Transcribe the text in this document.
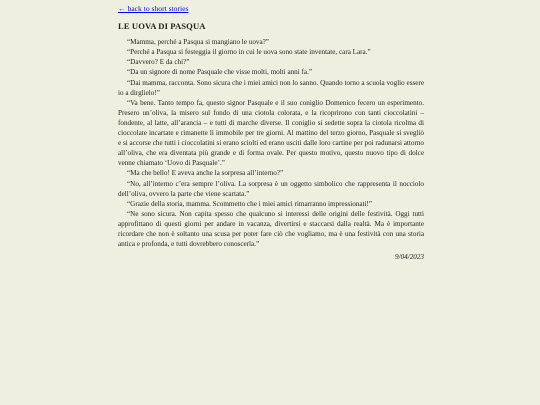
← back to short stories
LE UOVA DI PASQUA

“Mamma, perché a Pasqua si mangiano le uova?”

“Perché a Pasqua si festeggia il giorno in cui le uova sono state inventate, cara Lara.”

“Davvero? E da chi?”

“Da un signore di nome Pasquale che visse molti, molti anni fa.”

“Dai mamma, racconta. Sono sicura che i miei amici non lo sanno. Quando torno a scuola voglio essere io a dirglielo!”

“Va bene. Tanto tempo fa, questo signor Pasquale e il suo coniglio Domenico fecero un esperimento. Presero un’oliva, la misero sul fondo di una ciotola colorata, e la ricoprirono con tanti cioccolatini – fondente, al latte, all’arancia – e tutti di marche diverse. Il coniglio si sedette sopra la ciotola ricolma di cioccolate incartate e rimanette lì immobile per tre giorni. Al mattino del terzo giorno, Pasquale si svegliò e si accorse che tutti i cioccolatini si erano sciolti ed erano usciti dalle loro cartine per poi radunarsi attorno all’oliva, che era diventata più grande e di forma ovale. Per questo motivo, questo nuovo tipo di dolce venne chiamato ‘Uovo di Pasquale’.”

“Ma che bello! E aveva anche la sorpresa all’interno?”

“No, all’interno c’era sempre l’oliva. La sorpresa è un oggetto simbolico che rappresenta il nocciolo dell’oliva, ovvero la parte che viene scartata.”

“Grazie della storia, mamma. Scommetto che i miei amici rimarranno impressionati!”

“Ne sono sicura. Non capita spesso che qualcuno si interessi delle origini delle festività. Oggi tutti approfittano di questi giorni per andare in vacanza, divertirsi e staccarsi dalla realtà. Ma è importante ricordare che non è soltanto una scusa per poter fare ciò che vogliamo, ma è una festività con una storia antica e profonda, e tutti dovrebbero conoscerla.”

9/04/2023
